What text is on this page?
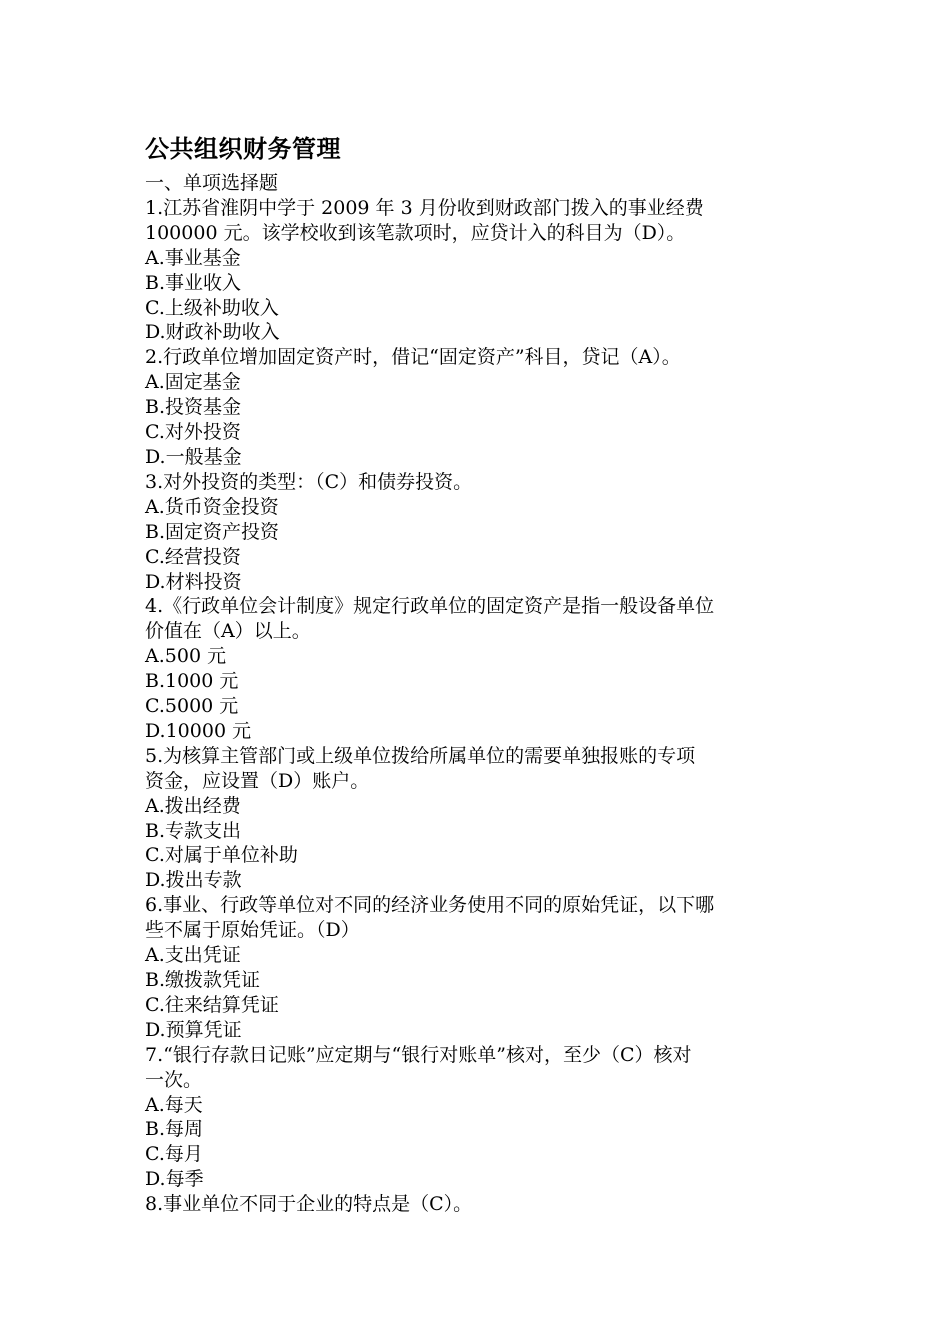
公共组织财务管理
一、单项选择题
1.江苏省淮阴中学于 2009 年 3 月份收到财政部门拨入的事业经费
100000 元。该学校收到该笔款项时，应贷计入的科目为（D）。
A.事业基金
B.事业收入
C.上级补助收入
D.财政补助收入
2.行政单位增加固定资产时，借记“固定资产”科目，贷记（A）。
A.固定基金
B.投资基金
C.对外投资
D.一般基金
3.对外投资的类型：（C）和债券投资。
A.货币资金投资
B.固定资产投资
C.经营投资
D.材料投资
4.《行政单位会计制度》规定行政单位的固定资产是指一般设备单位
价值在（A）以上。
A.500 元
B.1000 元
C.5000 元
D.10000 元
5.为核算主管部门或上级单位拨给所属单位的需要单独报账的专项
资金，应设置（D）账户。
A.拨出经费
B.专款支出
C.对属于单位补助
D.拨出专款
6.事业、行政等单位对不同的经济业务使用不同的原始凭证，以下哪
些不属于原始凭证。（D）
A.支出凭证
B.缴拨款凭证
C.往来结算凭证
D.预算凭证
7.“银行存款日记账”应定期与“银行对账单”核对，至少（C）核对
一次。
A.每天
B.每周
C.每月
D.每季
8.事业单位不同于企业的特点是（C）。
